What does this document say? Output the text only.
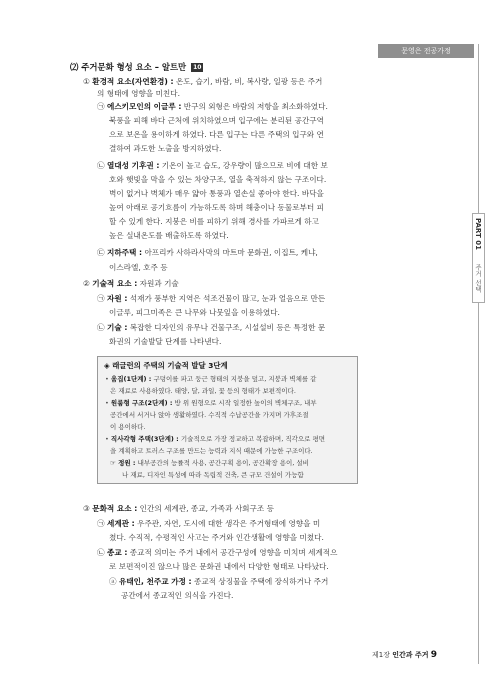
문영은 전공가정
PART 01
주거 선택
⑵ 주거문화 형성 요소 – 알트만 10
① 환경적 요소(자연환경) : 온도, 습기, 바람, 비, 복사량, 일광 등은 주거
의 형태에 영향을 미친다.
㉠ 에스키모인의 이글루 : 반구의 외형은 바람의 저항을 최소화하였다.
북풍을 피해 바다 근처에 위치하였으며 입구에는 분리된 공간구역
으로 보온을 용이하게 하였다. 다른 입구는 다른 주택의 입구와 연
결하여 과도한 노출을 방지하였다.
㉡ 열대성 기후권 : 기온이 높고 습도, 강우량이 많으므로 비에 대한 보
호와 햇빛을 막을 수 있는 차양구조, 열을 축적하지 않는 구조이다.
벽이 없거나 벽체가 매우 얇아 통풍과 열손실 좋아야 한다. 바닥을
높여 아래로 공기흐름이 가능하도록 하며 해충이나 동물로부터 피
할 수 있게 한다. 지붕은 비를 피하기 위해 경사를 가파르게 하고
높은 실내온도를 배출하도록 하였다.
㉢ 지하주택 : 아프리카 사하라사막의 마트마 문화권, 이집트, 케냐,
이스라엘, 호주 등
② 기술적 요소 : 자원과 기술
㉠ 자원 : 석재가 풍부한 지역은 석조건물이 많고, 눈과 얼음으로 만든
이글루, 피그미족은 큰 나무와 나뭇잎을 이용하였다.
㉡ 기술 : 복잡한 디자인의 유무나 건물구조, 시설설비 등은 특정한 문
화권의 기술발달 단계를 나타낸다.
◈ 래글런의 주택의 기술적 발달 3단계
• 움집(1단계) : 구덩이를 파고 둥근 형태의 지붕을 덮고, 지붕과 벽체를 같
은 재료로 사용하였다. 태양, 달, 과일, 꽃 등의 형태가 보편적이다.
• 원룸형 구조(2단계) : 방 위 원형으로 시작 일정한 높이의 벽체구조, 내부
공간에서 서거나 앉아 생활하였다. 수직적 수납공간을 가지며 가후조절
이 용이하다.
• 직사각형 주택(3단계) : 기술적으로 가장 정교하고 복잡하며, 직각으로 평면
을 계획하고 트러스 구조를 만드는 능력과 지식 때문에 가능한 구조이다.
☞ 정원 : 내부공간의 능률적 사용, 공간구획 용이, 공간확장 용이, 설비
나 재료, 디자인 특성에 따라 독립적 건축, 큰 규모 건설이 가능함
③ 문화적 요소 : 인간의 세계관, 종교, 가족과 사회구조 등
㉠ 세계관 : 우주관, 자연, 도시에 대한 생각은 주거형태에 영향을 미
쳤다. 수직적, 수평적인 사고는 주거와 인간생활에 영향을 미쳤다.
㉡ 종교 : 종교적 의미는 주거 내에서 공간구성에 영향을 미치며 세계적으
로 보편적이진 않으나 많은 문화권 내에서 다양한 형태로 나타났다.
ⓐ 유태인, 천주교 가정 : 종교적 상징물을 주택에 장식하거나 주거
공간에서 종교적인 의식을 가진다.
제1장 인간과 주거 9
